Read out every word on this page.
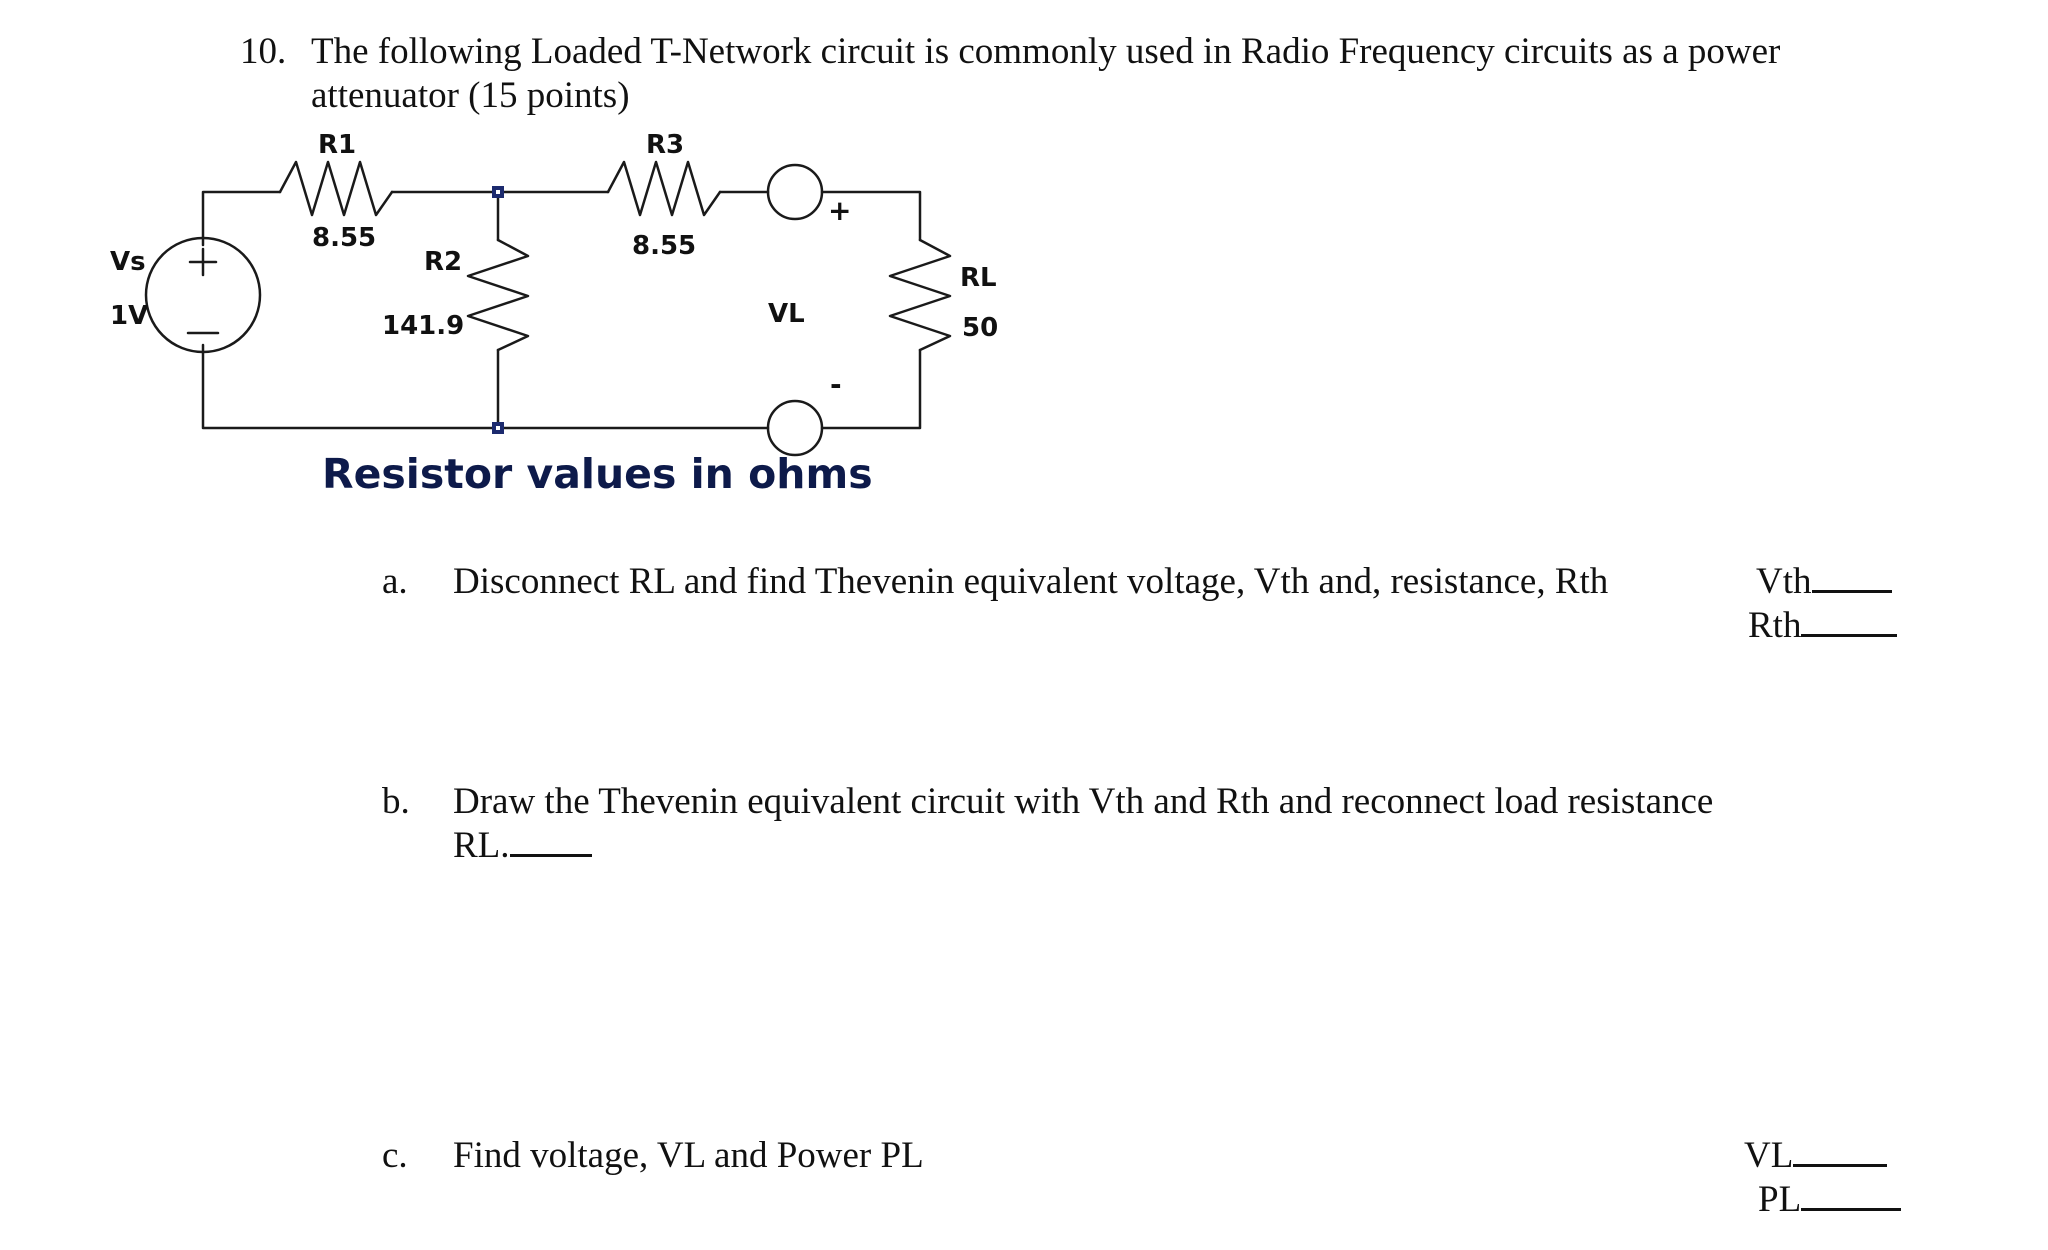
10. The following Loaded T-Network circuit is commonly used in Radio Frequency circuits as a power
attenuator (15 points)
Vs
1V
R1
8.55
R2
141.9
R3
8.55
+
VL
-
RL
50
Resistor values in ohms
a. Disconnect RL and find Thevenin equivalent voltage, Vth and, resistance, Rth	Vth
Rth
b. Draw the Thevenin equivalent circuit with Vth and Rth and reconnect load resistance
RL.
c. Find voltage, VL and Power PL	VL
PL
